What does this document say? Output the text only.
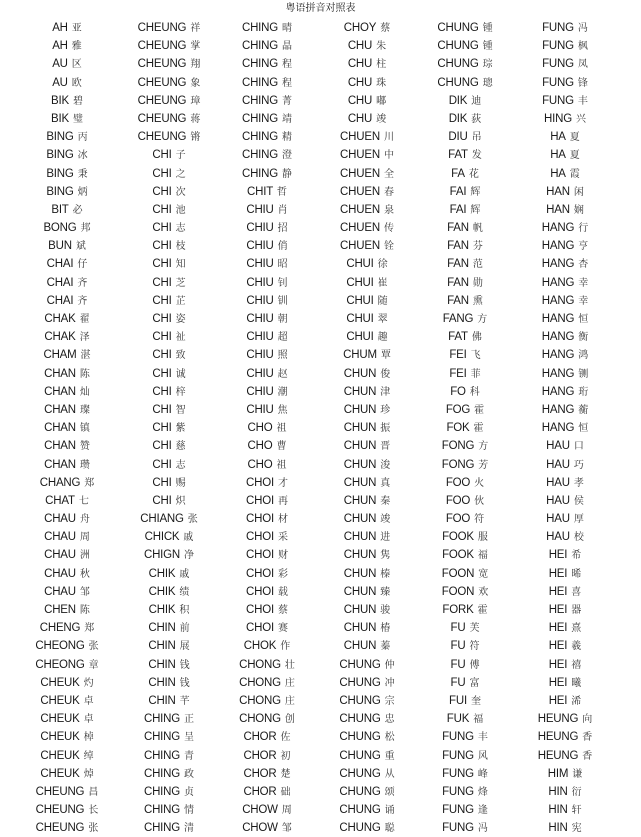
粤语拼音对照表
AH 亚
AH 雅
AU 区
AU 欧
BIK 碧
BIK 璧
BING 丙
BING 冰
BING 秉
BING 炳
BIT 必
BONG 邦
BUN 斌
CHAI 仔
CHAI 齐
CHAI 齐
CHAK 翟
CHAK 泽
CHAM 湛
CHAN 陈
CHAN 灿
CHAN 璨
CHAN 镇
CHAN 赞
CHAN 瓒
CHANG 郑
CHAT 七
CHAU 舟
CHAU 周
CHAU 洲
CHAU 秋
CHAU 邹
CHEN 陈
CHENG 郑
CHEONG 张
CHEONG 章
CHEUK 灼
CHEUK 卓
CHEUK 卓
CHEUK 棹
CHEUK 绰
CHEUK 焯
CHEUNG 昌
CHEUNG 长
CHEUNG 张
CHEUNG 祥
CHEUNG 掌
CHEUNG 翔
CHEUNG 象
CHEUNG 璋
CHEUNG 蒋
CHEUNG 锵
CHI 子
CHI 之
CHI 次
CHI 池
CHI 志
CHI 枝
CHI 知
CHI 芝
CHI 芷
CHI 姿
CHI 祉
CHI 致
CHI 诚
CHI 梓
CHI 智
CHI 紫
CHI 慈
CHI 志
CHI 赐
CHI 炽
CHIANG 张
CHICK 戚
CHIGN 净
CHIK 戚
CHIK 绩
CHIK 积
CHIN 前
CHIN 展
CHIN 钱
CHIN 钱
CHIN 芊
CHING 正
CHING 呈
CHING 青
CHING 政
CHING 贞
CHING 情
CHING 清
CHING 晴
CHING 晶
CHING 程
CHING 程
CHING 菁
CHING 靖
CHING 精
CHING 澄
CHING 静
CHIT 哲
CHIU 肖
CHIU 招
CHIU 俏
CHIU 昭
CHIU 钊
CHIU 钏
CHIU 朝
CHIU 超
CHIU 照
CHIU 赵
CHIU 潮
CHIU 焦
CHO 祖
CHO 曹
CHO 祖
CHOI 才
CHOI 再
CHOI 材
CHOI 采
CHOI 财
CHOI 彩
CHOI 载
CHOI 蔡
CHOI 赛
CHOK 作
CHONG 壮
CHONG 庄
CHONG 庄
CHONG 创
CHOR 佐
CHOR 初
CHOR 楚
CHOR 础
CHOW 周
CHOW 邹
CHOY 蔡
CHU 朱
CHU 柱
CHU 珠
CHU 嘟
CHU 竣
CHUEN 川
CHUEN 中
CHUEN 全
CHUEN 春
CHUEN 泉
CHUEN 传
CHUEN 铨
CHUI 徐
CHUI 崔
CHUI 随
CHUI 翠
CHUI 趣
CHUM 覃
CHUN 俊
CHUN 津
CHUN 珍
CHUN 振
CHUN 晋
CHUN 浚
CHUN 真
CHUN 秦
CHUN 竣
CHUN 进
CHUN 隽
CHUN 榛
CHUN 臻
CHUN 骏
CHUN 椿
CHUN 蓁
CHUNG 仲
CHUNG 冲
CHUNG 宗
CHUNG 忠
CHUNG 松
CHUNG 重
CHUNG 从
CHUNG 颂
CHUNG 诵
CHUNG 聪
CHUNG 锺
CHUNG 锺
CHUNG 琮
CHUNG 璁
DIK 迪
DIK 荻
DIU 吊
FAT 发
FA 花
FAI 辉
FAI 辉
FAN 帆
FAN 芬
FAN 范
FAN 勋
FAN 熏
FANG 方
FAT 佛
FEI 飞
FEI 菲
FO 科
FOG 霍
FOK 霍
FONG 方
FONG 芳
FOO 火
FOO 伙
FOO 符
FOOK 服
FOOK 福
FOON 宽
FOON 欢
FORK 霍
FU 芙
FU 符
FU 傅
FU 富
FUI 奎
FUK 福
FUNG 丰
FUNG 风
FUNG 峰
FUNG 烽
FUNG 逢
FUNG 冯
FUNG 冯
FUNG 枫
FUNG 凤
FUNG 锋
FUNG 丰
HING 兴
HA 夏
HA 夏
HA 霞
HAN 闲
HAN 娴
HANG 行
HANG 亨
HANG 杏
HANG 幸
HANG 幸
HANG 恒
HANG 衡
HANG 鸿
HANG 铡
HANG 珩
HANG 蘅
HANG 恒
HAU 口
HAU 巧
HAU 孝
HAU 侯
HAU 厚
HAU 校
HEI 希
HEI 晞
HEI 喜
HEI 器
HEI 熹
HEI 羲
HEI 禧
HEI 曦
HEI 浠
HEUNG 向
HEUNG 香
HEUNG 香
HIM 谦
HIN 衍
HIN 轩
HIN 宪
